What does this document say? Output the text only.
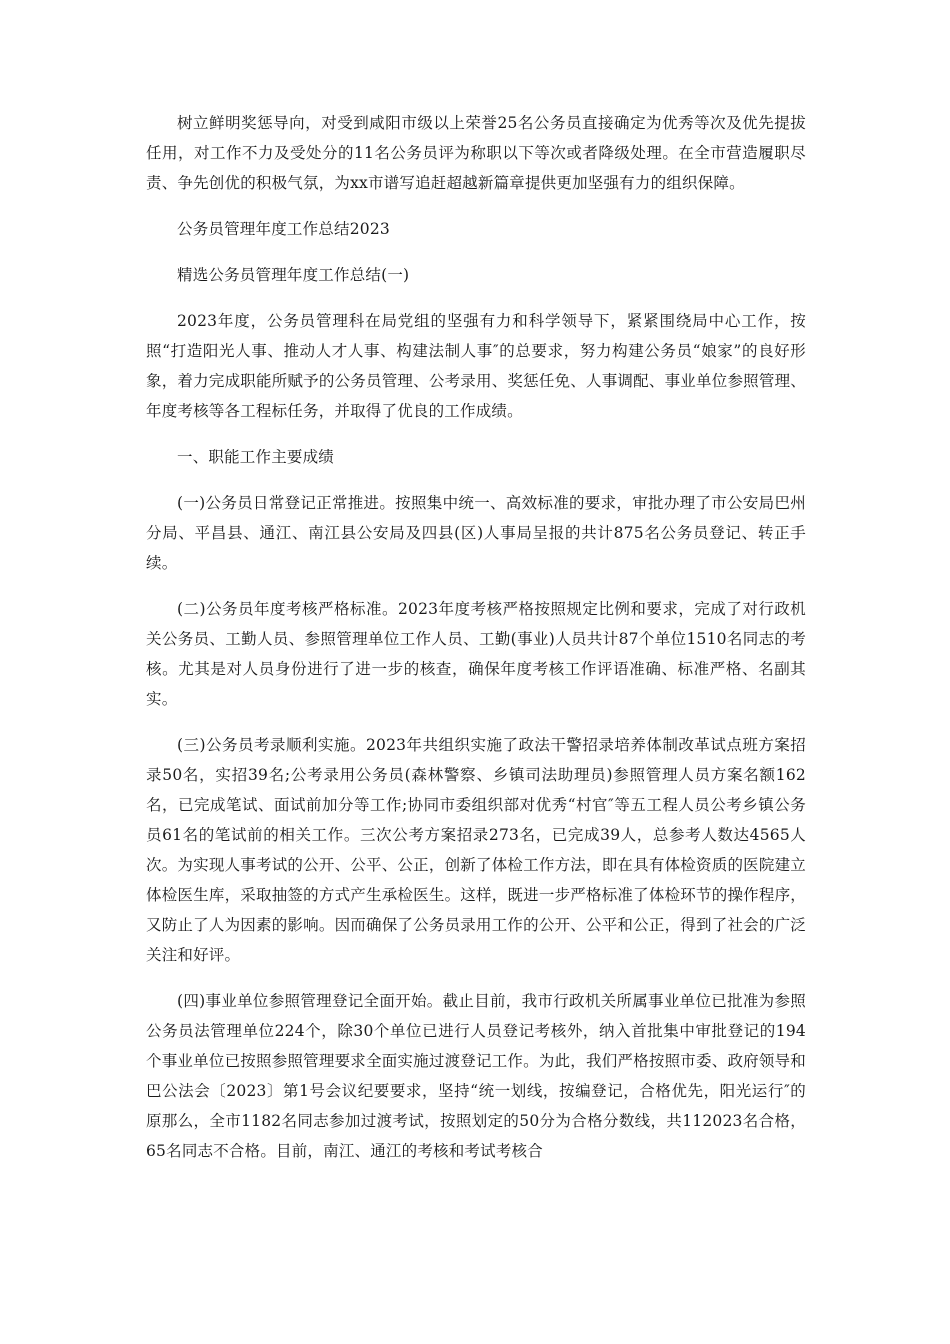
树立鲜明奖惩导向，对受到咸阳市级以上荣誉25名公务员直接确定为优秀等次及优先提拔任用，对工作不力及受处分的11名公务员评为称职以下等次或者降级处理。在全市营造履职尽责、争先创优的积极气氛，为xx市谱写追赶超越新篇章提供更加坚强有力的组织保障。

公务员管理年度工作总结2023

精选公务员管理年度工作总结(一)

2023年度，公务员管理科在局党组的坚强有力和科学领导下，紧紧围绕局中心工作，按照“打造阳光人事、推动人才人事、构建法制人事″的总要求，努力构建公务员“娘家”的良好形象，着力完成职能所赋予的公务员管理、公考录用、奖惩任免、人事调配、事业单位参照管理、年度考核等各工程标任务，并取得了优良的工作成绩。

一、职能工作主要成绩

(一)公务员日常登记正常推进。按照集中统一、高效标准的要求，审批办理了市公安局巴州分局、平昌县、通江、南江县公安局及四县(区)人事局呈报的共计875名公务员登记、转正手续。

(二)公务员年度考核严格标准。2023年度考核严格按照规定比例和要求，完成了对行政机关公务员、工勤人员、参照管理单位工作人员、工勤(事业)人员共计87个单位1510名同志的考核。尤其是对人员身份进行了进一步的核查，确保年度考核工作评语准确、标准严格、名副其实。

(三)公务员考录顺利实施。2023年共组织实施了政法干警招录培养体制改革试点班方案招录50名，实招39名;公考录用公务员(森林警察、乡镇司法助理员)参照管理人员方案名额162名，已完成笔试、面试前加分等工作;协同市委组织部对优秀“村官″等五工程人员公考乡镇公务员61名的笔试前的相关工作。三次公考方案招录273名，已完成39人，总参考人数达4565人次。为实现人事考试的公开、公平、公正，创新了体检工作方法，即在具有体检资质的医院建立体检医生库，采取抽签的方式产生承检医生。这样，既进一步严格标准了体检环节的操作程序，又防止了人为因素的影响。因而确保了公务员录用工作的公开、公平和公正，得到了社会的广泛关注和好评。

(四)事业单位参照管理登记全面开始。截止目前，我市行政机关所属事业单位已批准为参照公务员法管理单位224个，除30个单位已进行人员登记考核外，纳入首批集中审批登记的194个事业单位已按照参照管理要求全面实施过渡登记工作。为此，我们严格按照市委、政府领导和巴公法会〔2023〕第1号会议纪要要求，坚持“统一划线，按编登记，合格优先，阳光运行″的原那么，全市1182名同志参加过渡考试，按照划定的50分为合格分数线，共112023名合格，65名同志不合格。目前，南江、通江的考核和考试考核合
